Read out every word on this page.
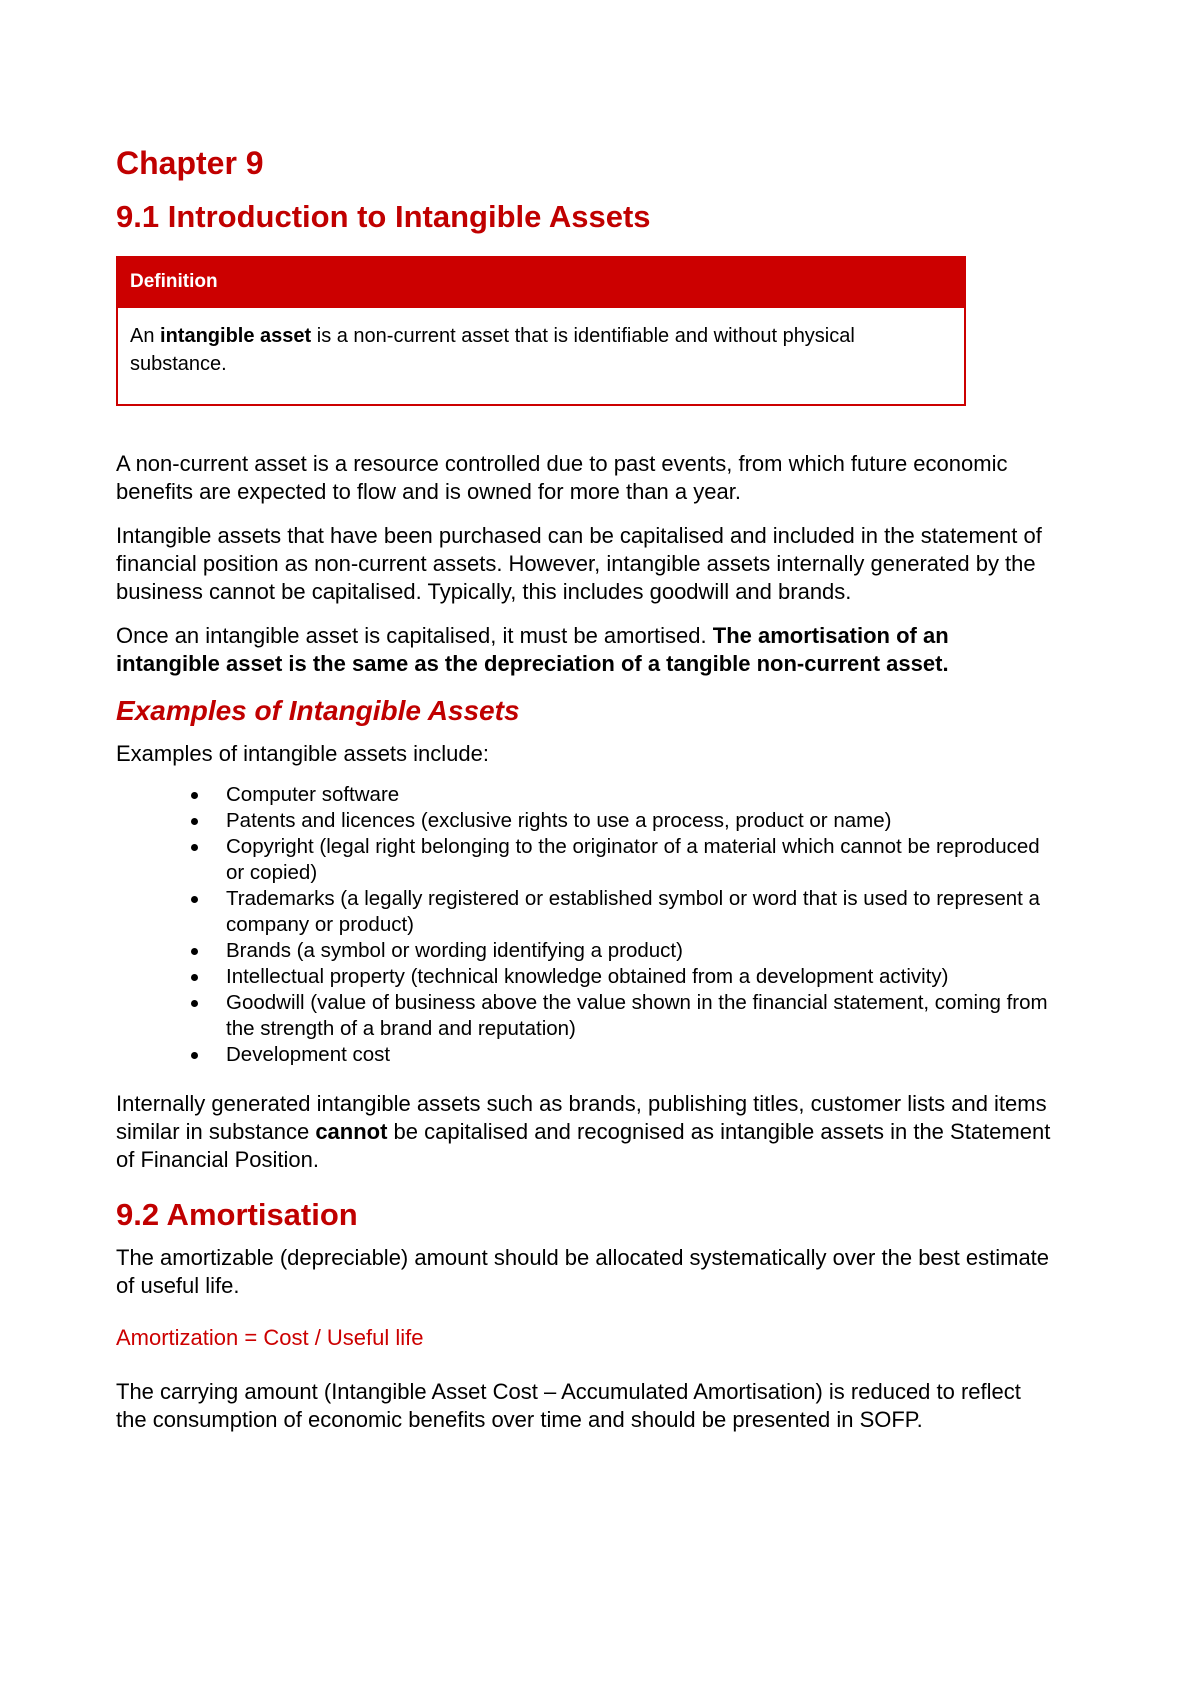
Chapter 9
9.1 Introduction to Intangible Assets
Definition
An intangible asset is a non-current asset that is identifiable and without physical substance.

A non-current asset is a resource controlled due to past events, from which future economic benefits are expected to flow and is owned for more than a year.

Intangible assets that have been purchased can be capitalised and included in the statement of financial position as non-current assets. However, intangible assets internally generated by the business cannot be capitalised. Typically, this includes goodwill and brands.

Once an intangible asset is capitalised, it must be amortised. The amortisation of an intangible asset is the same as the depreciation of a tangible non-current asset.

Examples of Intangible Assets

Examples of intangible assets include:

Computer software
Patents and licences (exclusive rights to use a process, product or name)
Copyright (legal right belonging to the originator of a material which cannot be reproduced or copied)
Trademarks (a legally registered or established symbol or word that is used to represent a company or product)
Brands (a symbol or wording identifying a product)
Intellectual property (technical knowledge obtained from a development activity)
Goodwill (value of business above the value shown in the financial statement, coming from the strength of a brand and reputation)
Development cost

Internally generated intangible assets such as brands, publishing titles, customer lists and items similar in substance cannot be capitalised and recognised as intangible assets in the Statement of Financial Position.

9.2 Amortisation

The amortizable (depreciable) amount should be allocated systematically over the best estimate of useful life.

Amortization = Cost / Useful life

The carrying amount (Intangible Asset Cost – Accumulated Amortisation) is reduced to reflect the consumption of economic benefits over time and should be presented in SOFP.
